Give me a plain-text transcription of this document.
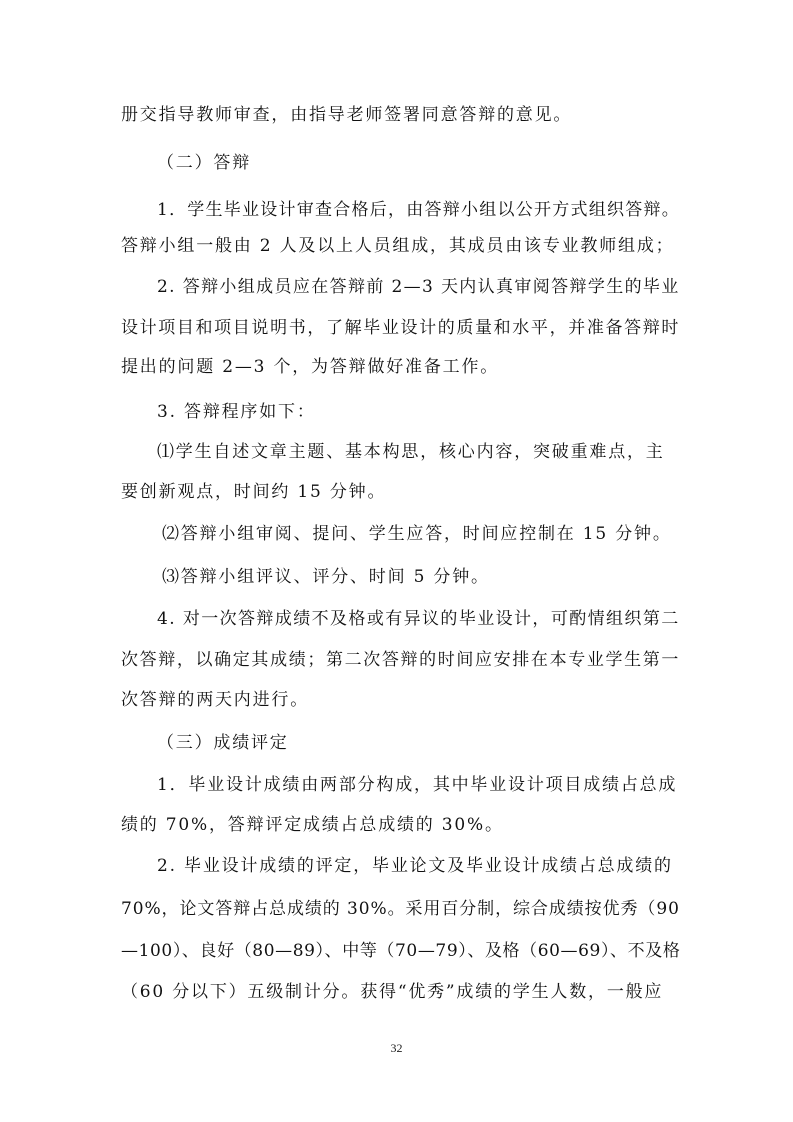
册交指导教师审查，由指导老师签署同意答辩的意见。
（二）答辩
1．学生毕业设计审查合格后，由答辩小组以公开方式组织答辩。
答辩小组一般由 2 人及以上人员组成，其成员由该专业教师组成；
2. 答辩小组成员应在答辩前 2—3 天内认真审阅答辩学生的毕业
设计项目和项目说明书，了解毕业设计的质量和水平，并准备答辩时
提出的问题 2—3 个，为答辩做好准备工作。
3. 答辩程序如下：
⑴学生自述文章主题、基本构思，核心内容，突破重难点，主
要创新观点，时间约 15 分钟。
⑵答辩小组审阅、提问、学生应答，时间应控制在 15 分钟。
⑶答辩小组评议、评分、时间 5 分钟。
4. 对一次答辩成绩不及格或有异议的毕业设计，可酌情组织第二
次答辩，以确定其成绩；第二次答辩的时间应安排在本专业学生第一
次答辩的两天内进行。
（三）成绩评定
1．毕业设计成绩由两部分构成，其中毕业设计项目成绩占总成
绩的 70%，答辩评定成绩占总成绩的 30%。
2. 毕业设计成绩的评定，毕业论文及毕业设计成绩占总成绩的
70%，论文答辩占总成绩的 30%。采用百分制，综合成绩按优秀（90
—100）、良好（80—89）、中等（70—79）、及格（60—69）、不及格
（60 分以下）五级制计分。获得“优秀”成绩的学生人数，一般应
32
